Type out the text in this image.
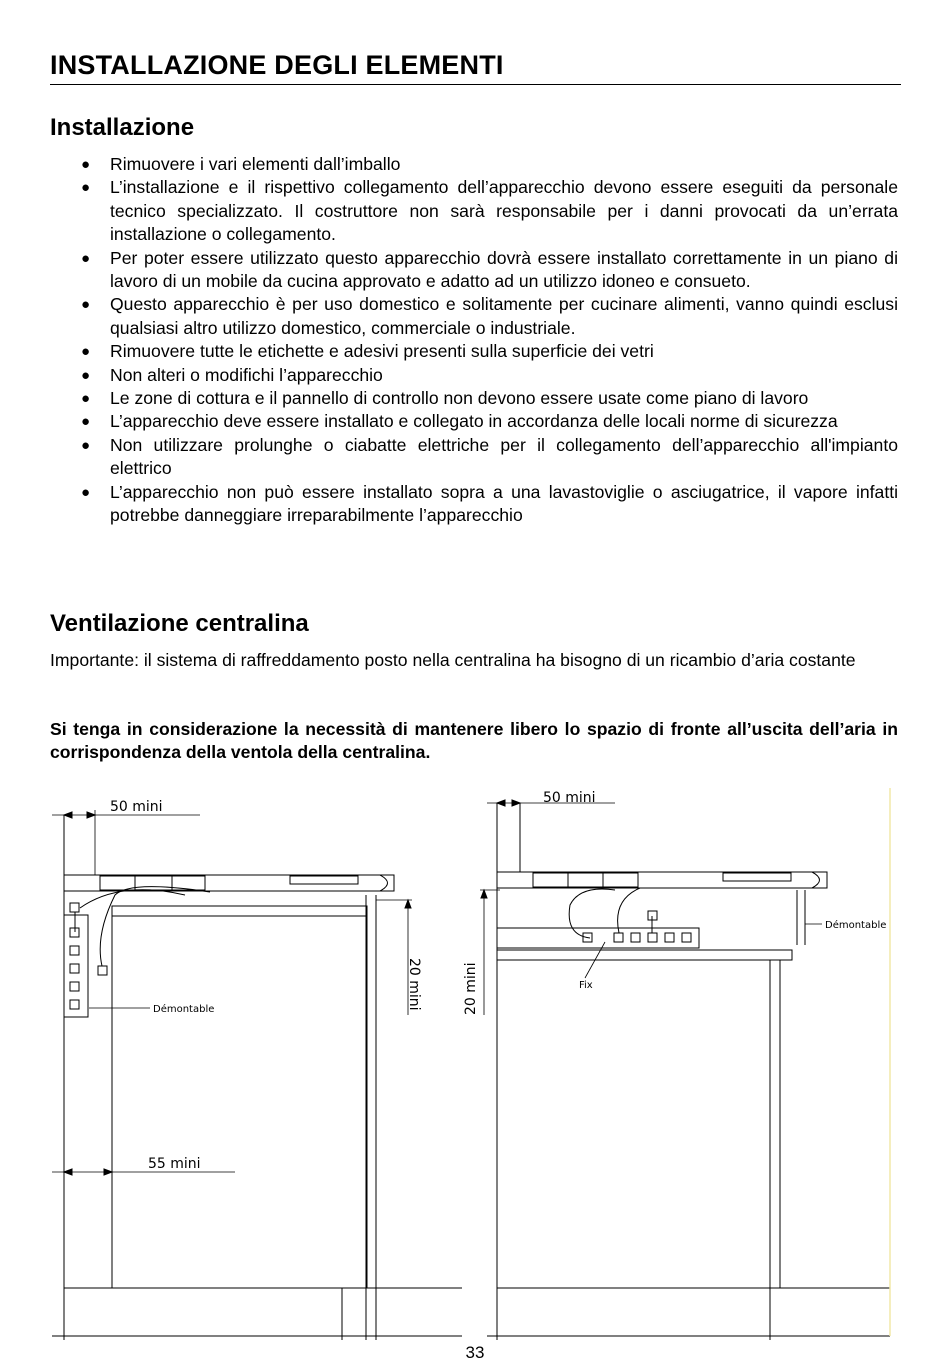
INSTALLAZIONE DEGLI ELEMENTI
Installazione
● Rimuovere i vari elementi dall’imballo
● L’installazione e il rispettivo collegamento dell’apparecchio devono essere eseguiti da personale tecnico specializzato. Il costruttore non sarà responsabile per i danni provocati da un’errata installazione o collegamento.
● Per poter essere utilizzato questo apparecchio dovrà essere installato correttamente in un piano di lavoro di un mobile da cucina approvato e adatto ad un utilizzo idoneo e consueto.
● Questo apparecchio è per uso domestico e solitamente per cucinare alimenti, vanno quindi esclusi qualsiasi altro utilizzo domestico, commerciale o industriale.
● Rimuovere tutte le etichette e adesivi presenti sulla superficie dei vetri
● Non alteri o modifichi l’apparecchio
● Le zone di cottura e il pannello di controllo non devono essere usate come piano di lavoro
● L’apparecchio deve essere installato e collegato in accordanza delle locali norme di sicurezza
● Non utilizzare prolunghe o ciabatte elettriche per il collegamento dell’apparecchio all'impianto elettrico
● L’apparecchio non può essere installato sopra a una lavastoviglie o asciugatrice, il vapore infatti potrebbe danneggiare irreparabilmente l’apparecchio
Ventilazione centralina

Importante: il sistema di raffreddamento posto nella centralina ha bisogno di un ricambio d’aria costante

Si tenga in considerazione la necessità di mantenere libero lo spazio di fronte all’uscita dell’aria in corrispondenza della ventola della centralina.

50 mini
Démontable	20 mini
55 mini
50 mini
Démontable
Fix
20 mini
33
